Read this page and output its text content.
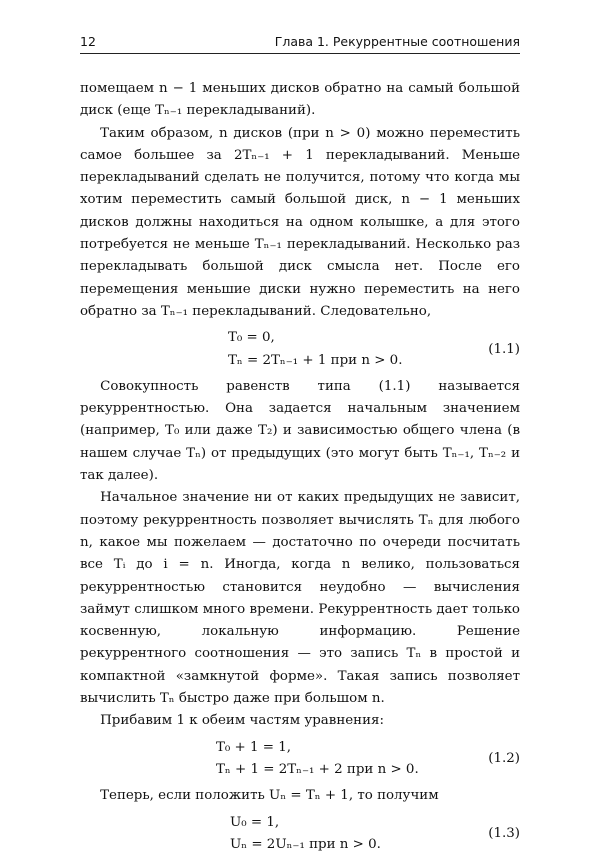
12	Глава 1. Рекуррентные соотношения

помещаем n − 1 меньших дисков обратно на самый большой диск (еще Tₙ₋₁ перекладываний).

Таким образом, n дисков (при n > 0) можно переместить самое большее за 2Tₙ₋₁ + 1 перекладываний. Меньше перекладываний сделать не получится, потому что когда мы хотим переместить самый большой диск, n − 1 меньших дисков должны находиться на одном колышке, а для этого потребуется не меньше Tₙ₋₁ перекладываний. Несколько раз перекладывать большой диск смысла нет. После его перемещения меньшие диски нужно переместить на него обратно за Tₙ₋₁ перекладываний. Следовательно,

T₀ = 0,
Tₙ = 2Tₙ₋₁ + 1 при n > 0.
(1.1)

Совокупность равенств типа (1.1) называется рекуррентностью. Она задается начальным значением (например, T₀ или даже T₂) и зависимостью общего члена (в нашем случае Tₙ) от предыдущих (это могут быть Tₙ₋₁, Tₙ₋₂ и так далее).

Начальное значение ни от каких предыдущих не зависит, поэтому рекуррентность позволяет вычислять Tₙ для любого n, какое мы пожелаем — достаточно по очереди посчитать все Tᵢ до i = n. Иногда, когда n велико, пользоваться рекуррентностью становится неудобно — вычисления займут слишком много времени. Рекуррентность дает только косвенную, локальную информацию. Решение рекуррентного соотношения — это запись Tₙ в простой и компактной «замкнутой форме». Такая запись позволяет вычислить Tₙ быстро даже при большом n.

Прибавим 1 к обеим частям уравнения:

T₀ + 1 = 1,
Tₙ + 1 = 2Tₙ₋₁ + 2 при n > 0.
(1.2)

Теперь, если положить Uₙ = Tₙ + 1, то получим

U₀ = 1,
Uₙ = 2Uₙ₋₁ при n > 0.
(1.3)
